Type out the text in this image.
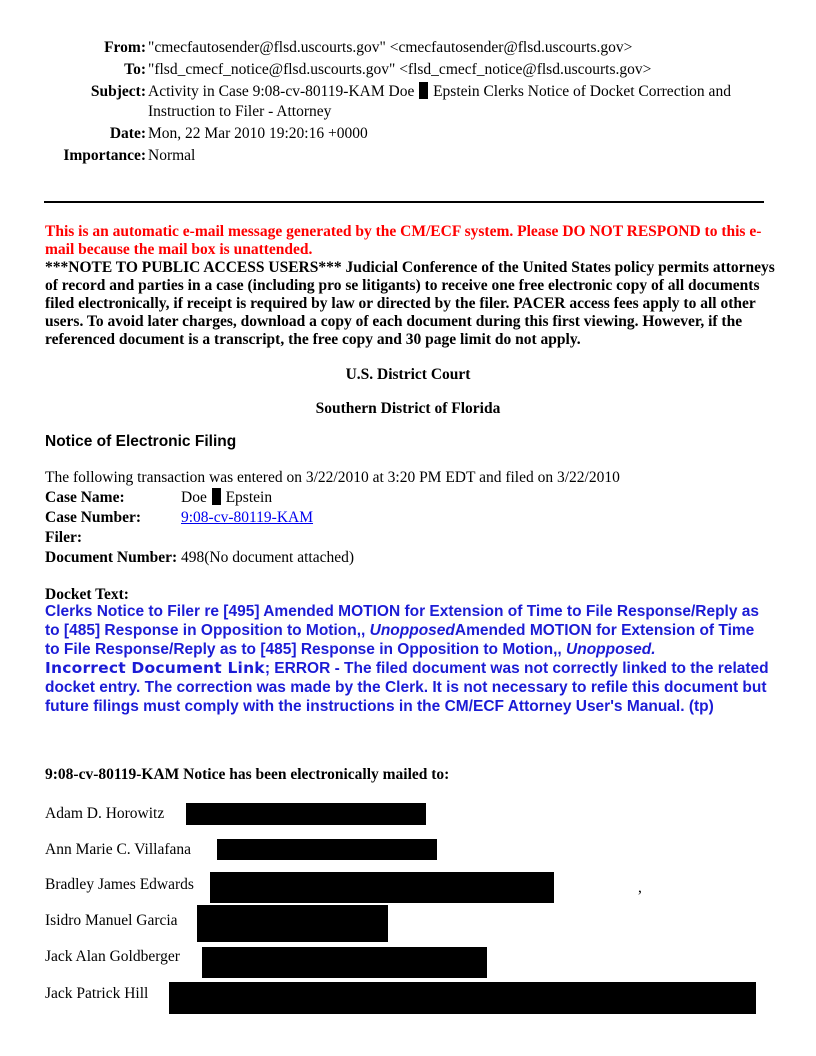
From:	"cmecfautosender@flsd.uscourts.gov" <cmecfautosender@flsd.uscourts.gov>
To:	"flsd_cmecf_notice@flsd.uscourts.gov" <flsd_cmecf_notice@flsd.uscourts.gov>
Subject:	Activity in Case 9:08-cv-80119-KAM Doe Epstein Clerks Notice of Docket Correction and
Instruction to Filer - Attorney
Date:	Mon, 22 Mar 2010 19:20:16 +0000
Importance:	Normal
This is an automatic e-mail message generated by the CM/ECF system. Please DO NOT RESPOND to this e-mail because the mail box is unattended.
***NOTE TO PUBLIC ACCESS USERS*** Judicial Conference of the United States policy permits attorneys of record and parties in a case (including pro se litigants) to receive one free electronic copy of all documents filed electronically, if receipt is required by law or directed by the filer. PACER access fees apply to all other users. To avoid later charges, download a copy of each document during this first viewing. However, if the referenced document is a transcript, the free copy and 30 page limit do not apply.
U.S. District Court
Southern District of Florida
Notice of Electronic Filing
The following transaction was entered on 3/22/2010 at 3:20 PM EDT and filed on 3/22/2010
Case Name:	Doe Epstein
Case Number:	9:08-cv-80119-KAM
Filer:	
Document Number:	498(No document attached)
Docket Text:
Clerks Notice to Filer re [495] Amended MOTION for Extension of Time to File Response/Reply as to [485] Response in Opposition to Motion,, UnopposedAmended MOTION for Extension of Time to File Response/Reply as to [485] Response in Opposition to Motion,, Unopposed.
Incorrect Document Link; ERROR - The filed document was not correctly linked to the related docket entry. The correction was made by the Clerk. It is not necessary to refile this document but future filings must comply with the instructions in the CM/ECF Attorney User's Manual. (tp)
9:08-cv-80119-KAM Notice has been electronically mailed to:
Adam D. Horowitz
Ann Marie C. Villafana
Bradley James Edwards	,
Isidro Manuel Garcia
Jack Alan Goldberger
Jack Patrick Hill
